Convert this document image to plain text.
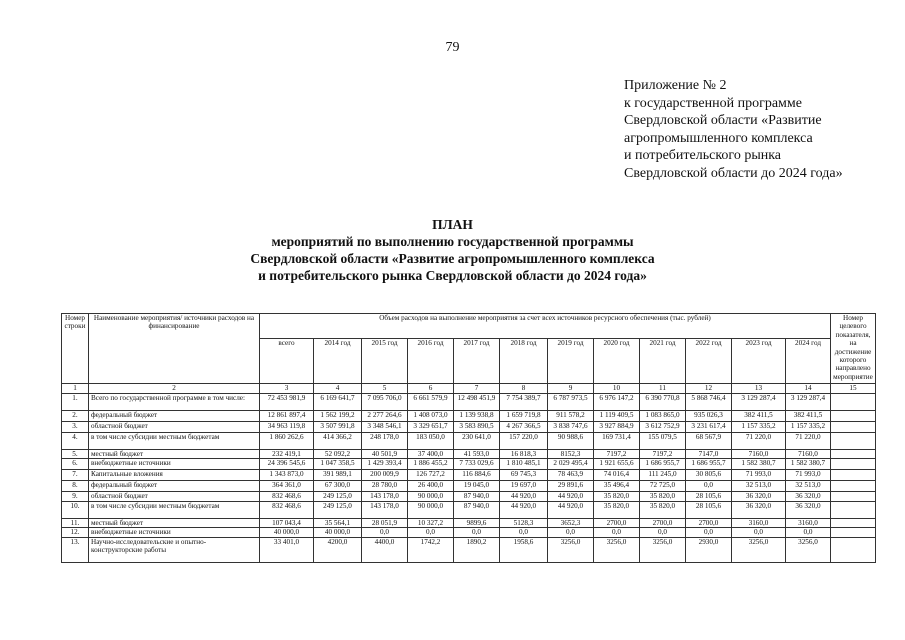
79
Приложение № 2
к государственной программе
Свердловской области «Развитие
агропромышленного комплекса
и потребительского рынка
Свердловской области до 2024 года»
ПЛАН
мероприятий по выполнению государственной программы
Свердловской области «Развитие агропромышленного комплекса
и потребительского рынка Свердловской области до 2024 года»
Номер строки	Наименование мероприятия/ источники расходов на финансирование	Объем расходов на выполнение мероприятия за счет всех источников ресурсного обеспечения (тыс. рублей)												Номер целевого показателя, на достижение которого направлено мероприятие
		всего	2014 год	2015 год	2016 год	2017 год	2018 год	2019 год	2020 год	2021 год	2022 год	2023 год	2024 год	
1	2	3	4	5	6	7	8	9	10	11	12	13	14	15
1.	Всего по государственной программе в том числе:	72 453 981,9	6 169 641,7	7 095 706,0	6 661 579,9	12 498 451,9	7 754 389,7	6 787 973,5	6 976 147,2	6 390 770,8	5 868 746,4	3 129 287,4	3 129 287,4	
2.	федеральный бюджет	12 861 897,4	1 562 199,2	2 277 264,6	1 408 073,0	1 139 938,8	1 659 719,8	911 578,2	1 119 409,5	1 083 865,0	935 026,3	382 411,5	382 411,5	
3.	областной бюджет	34 963 119,8	3 507 991,8	3 348 546,1	3 329 651,7	3 583 890,5	4 267 366,5	3 838 747,6	3 927 884,9	3 612 752,9	3 231 617,4	1 157 335,2	1 157 335,2	
4.	в том числе субсидии местным бюджетам	1 860 262,6	414 366,2	248 178,0	183 050,0	230 641,0	157 220,0	90 988,6	169 731,4	155 079,5	68 567,9	71 220,0	71 220,0	
5.	местный бюджет	232 419,1	52 092,2	40 501,9	37 400,0	41 593,0	16 818,3	8152,3	7197,2	7197,2	7147,0	7160,0	7160,0	
6.	внебюджетные источники	24 396 545,6	1 047 358,5	1 429 393,4	1 886 455,2	7 733 029,6	1 810 485,1	2 029 495,4	1 921 655,6	1 686 955,7	1 686 955,7	1 582 380,7	1 582 380,7	
7.	Капитальные вложения	1 343 873,0	391 989,1	200 009,9	126 727,2	116 884,6	69 745,3	78 463,9	74 016,4	111 245,0	30 805,6	71 993,0	71 993,0	
8.	федеральный бюджет	364 361,0	67 300,0	28 780,0	26 400,0	19 045,0	19 697,0	29 891,6	35 496,4	72 725,0	0,0	32 513,0	32 513,0	
9.	областной бюджет	832 468,6	249 125,0	143 178,0	90 000,0	87 940,0	44 920,0	44 920,0	35 820,0	35 820,0	28 105,6	36 320,0	36 320,0	
10.	в том числе субсидии местным бюджетам	832 468,6	249 125,0	143 178,0	90 000,0	87 940,0	44 920,0	44 920,0	35 820,0	35 820,0	28 105,6	36 320,0	36 320,0	
11.	местный бюджет	107 043,4	35 564,1	28 051,9	10 327,2	9899,6	5128,3	3652,3	2700,0	2700,0	2700,0	3160,0	3160,0	
12.	внебюджетные источники	40 000,0	40 000,0	0,0	0,0	0,0	0,0	0,0	0,0	0,0	0,0	0,0	0,0	
13.	Научно-исследовательские и опытно-конструкторские работы	33 401,0	4200,0	4400,0	1742,2	1890,2	1958,6	3256,0	3256,0	3256,0	2930,0	3256,0	3256,0	
